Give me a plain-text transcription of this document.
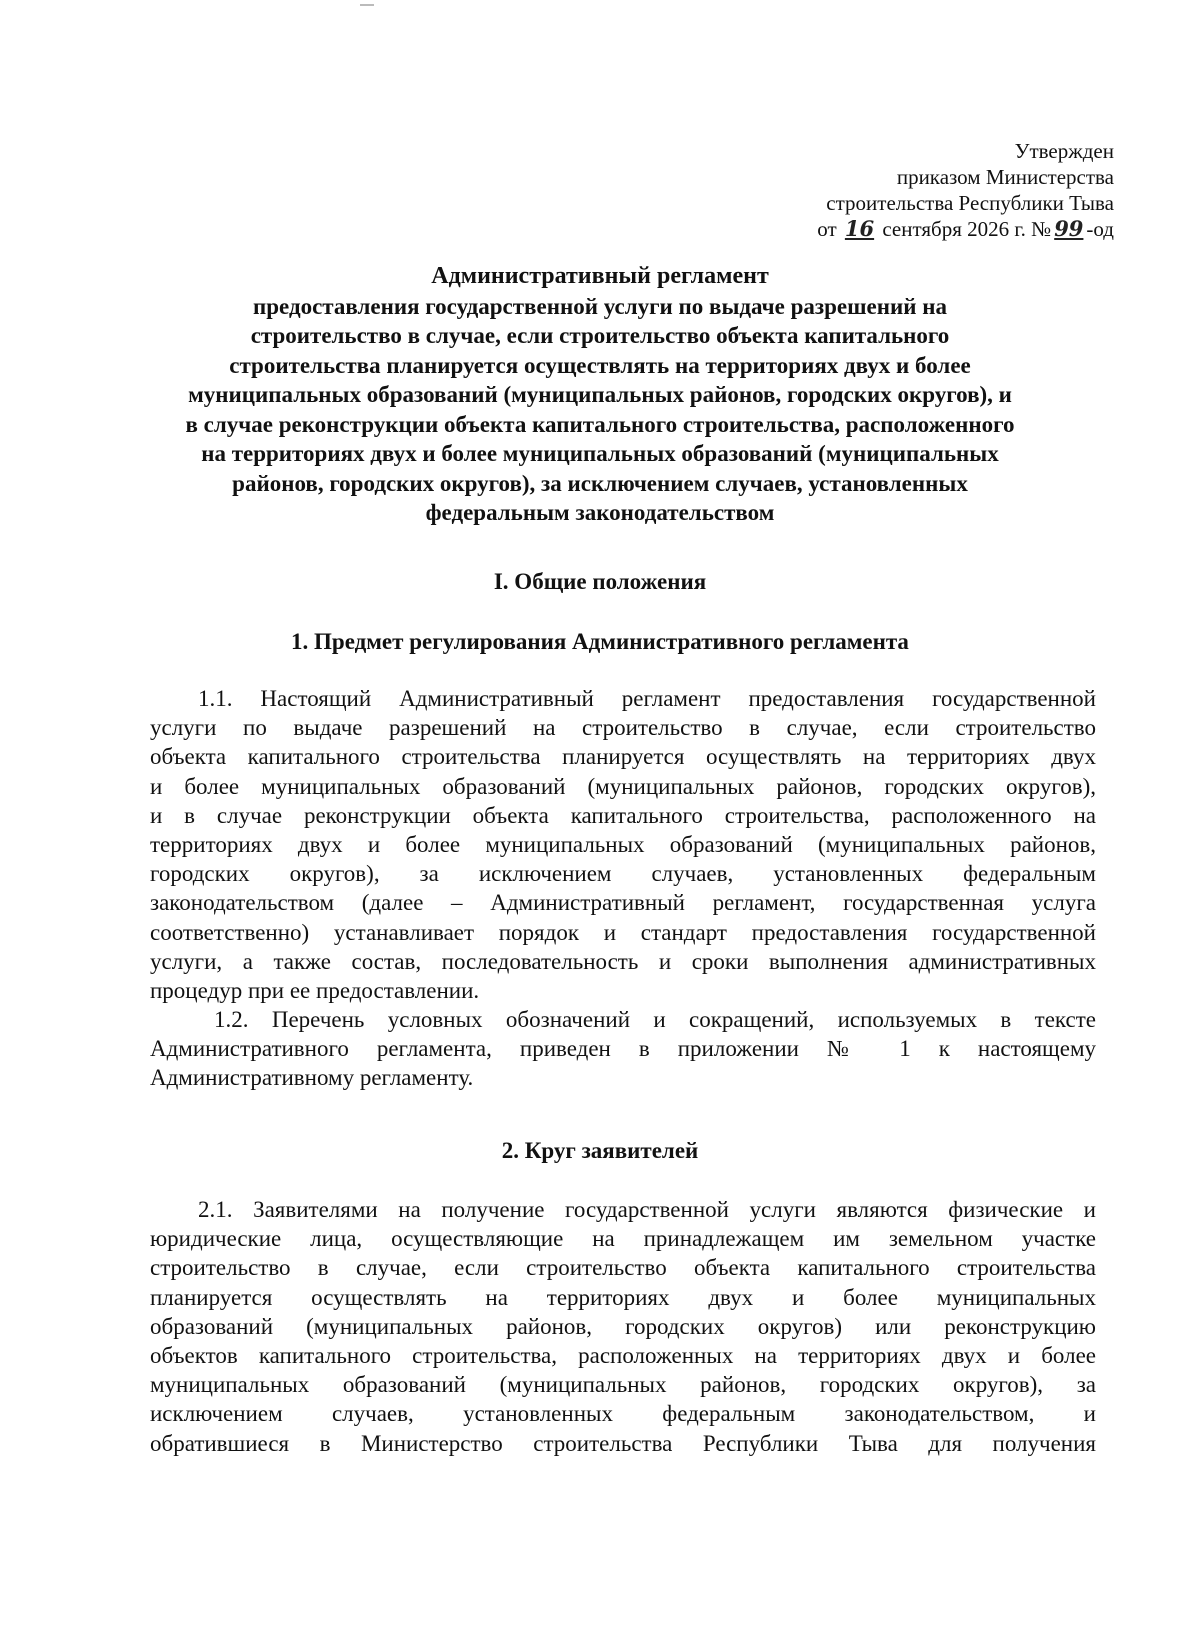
Утвержден
приказом Министерства
строительства Республики Тыва
от 16 сентября 2026 г. № 99 -од
Административный регламент
предоставления государственной услуги по выдаче разрешений на
строительство в случае, если строительство объекта капитального
строительства планируется осуществлять на территориях двух и более
муниципальных образований (муниципальных районов, городских округов), и
в случае реконструкции объекта капитального строительства, расположенного
на территориях двух и более муниципальных образований (муниципальных
районов, городских округов), за исключением случаев, установленных
федеральным законодательством
I. Общие положения
1. Предмет регулирования Административного регламента
1.1. Настоящий Административный регламент предоставления государственной
услуги по выдаче разрешений на строительство в случае, если строительство
объекта капитального строительства планируется осуществлять на территориях двух
и более муниципальных образований (муниципальных районов, городских округов),
и в случае реконструкции объекта капитального строительства, расположенного на
территориях двух и более муниципальных образований (муниципальных районов,
городских округов), за исключением случаев, установленных федеральным
законодательством (далее – Административный регламент, государственная услуга
соответственно) устанавливает порядок и стандарт предоставления государственной
услуги, а также состав, последовательность и сроки выполнения административных
процедур при ее предоставлении.
1.2. Перечень условных обозначений и сокращений, используемых в тексте
Административного регламента, приведен в приложении № 1 к настоящему
Административному регламенту.
2. Круг заявителей
2.1. Заявителями на получение государственной услуги являются физические и
юридические лица, осуществляющие на принадлежащем им земельном участке
строительство в случае, если строительство объекта капитального строительства
планируется осуществлять на территориях двух и более муниципальных
образований (муниципальных районов, городских округов) или реконструкцию
объектов капитального строительства, расположенных на территориях двух и более
муниципальных образований (муниципальных районов, городских округов), за
исключением случаев, установленных федеральным законодательством, и
обратившиеся в Министерство строительства Республики Тыва для получения
